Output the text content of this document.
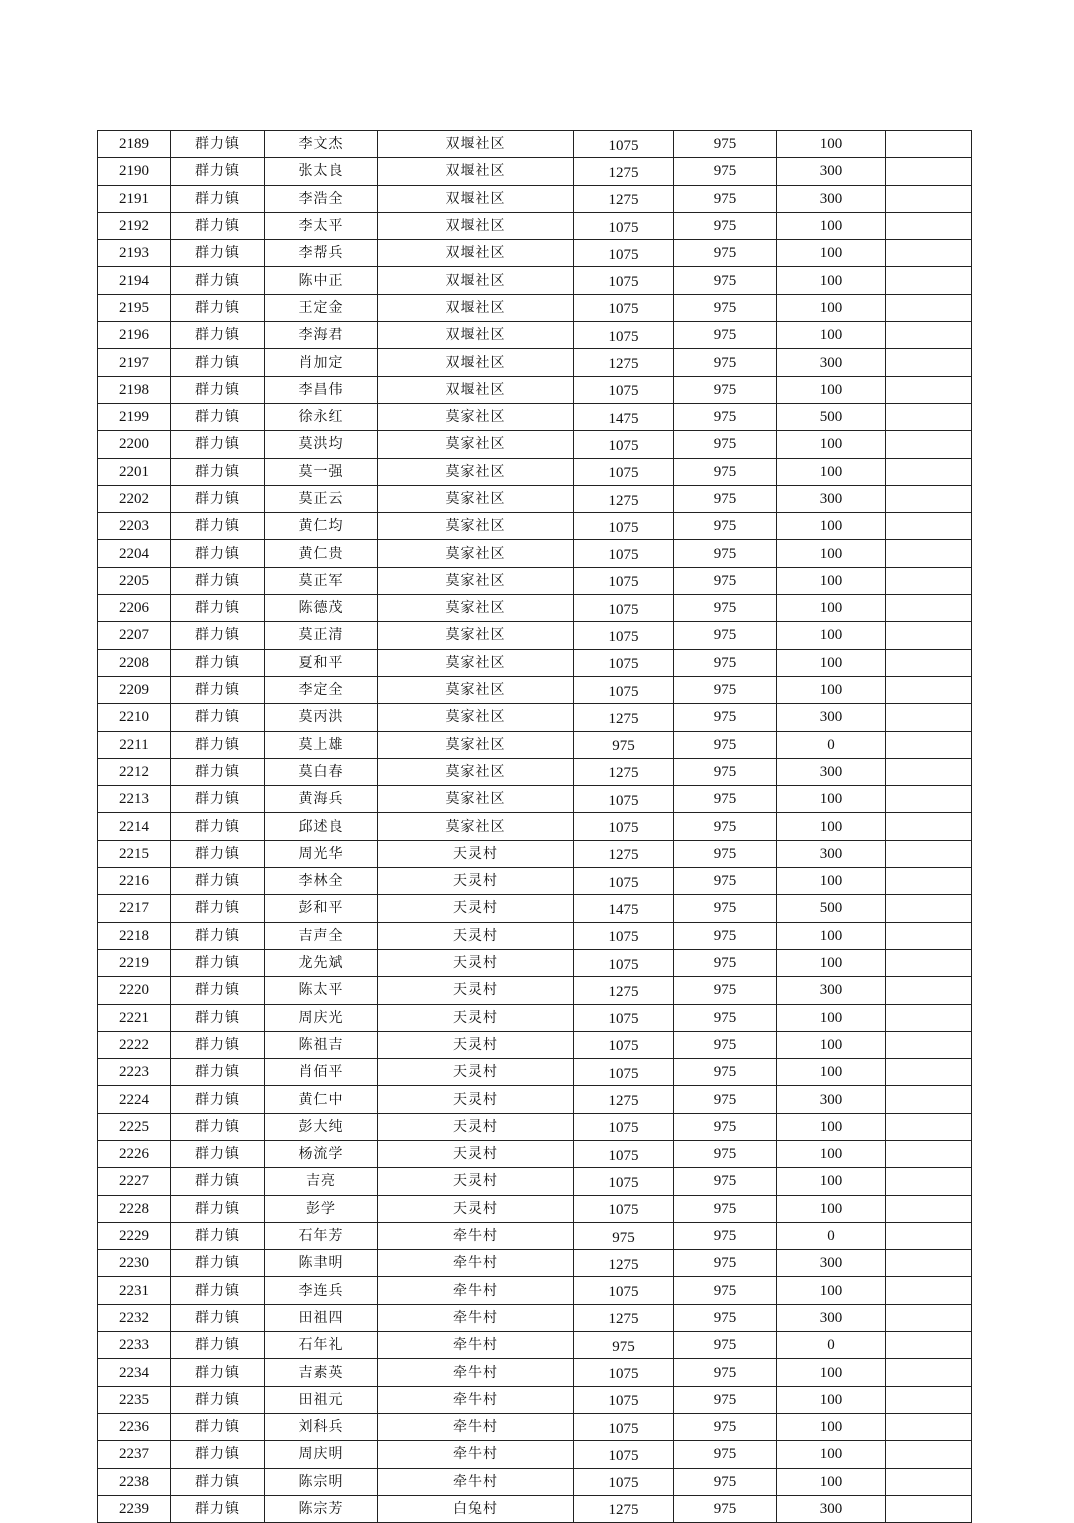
2189	群力镇	李文杰	双堰社区	1075	975	100	
2190	群力镇	张太良	双堰社区	1275	975	300	
2191	群力镇	李浩全	双堰社区	1275	975	300	
2192	群力镇	李太平	双堰社区	1075	975	100	
2193	群力镇	李帮兵	双堰社区	1075	975	100	
2194	群力镇	陈中正	双堰社区	1075	975	100	
2195	群力镇	王定金	双堰社区	1075	975	100	
2196	群力镇	李海君	双堰社区	1075	975	100	
2197	群力镇	肖加定	双堰社区	1275	975	300	
2198	群力镇	李昌伟	双堰社区	1075	975	100	
2199	群力镇	徐永红	莫家社区	1475	975	500	
2200	群力镇	莫洪均	莫家社区	1075	975	100	
2201	群力镇	莫一强	莫家社区	1075	975	100	
2202	群力镇	莫正云	莫家社区	1275	975	300	
2203	群力镇	黄仁均	莫家社区	1075	975	100	
2204	群力镇	黄仁贵	莫家社区	1075	975	100	
2205	群力镇	莫正军	莫家社区	1075	975	100	
2206	群力镇	陈德茂	莫家社区	1075	975	100	
2207	群力镇	莫正清	莫家社区	1075	975	100	
2208	群力镇	夏和平	莫家社区	1075	975	100	
2209	群力镇	李定全	莫家社区	1075	975	100	
2210	群力镇	莫丙洪	莫家社区	1275	975	300	
2211	群力镇	莫上雄	莫家社区	975	975	0	
2212	群力镇	莫白春	莫家社区	1275	975	300	
2213	群力镇	黄海兵	莫家社区	1075	975	100	
2214	群力镇	邱述良	莫家社区	1075	975	100	
2215	群力镇	周光华	天灵村	1275	975	300	
2216	群力镇	李林全	天灵村	1075	975	100	
2217	群力镇	彭和平	天灵村	1475	975	500	
2218	群力镇	吉声全	天灵村	1075	975	100	
2219	群力镇	龙先斌	天灵村	1075	975	100	
2220	群力镇	陈太平	天灵村	1275	975	300	
2221	群力镇	周庆光	天灵村	1075	975	100	
2222	群力镇	陈祖吉	天灵村	1075	975	100	
2223	群力镇	肖佰平	天灵村	1075	975	100	
2224	群力镇	黄仁中	天灵村	1275	975	300	
2225	群力镇	彭大纯	天灵村	1075	975	100	
2226	群力镇	杨流学	天灵村	1075	975	100	
2227	群力镇	吉亮	天灵村	1075	975	100	
2228	群力镇	彭学	天灵村	1075	975	100	
2229	群力镇	石年芳	牵牛村	975	975	0	
2230	群力镇	陈聿明	牵牛村	1275	975	300	
2231	群力镇	李连兵	牵牛村	1075	975	100	
2232	群力镇	田祖四	牵牛村	1275	975	300	
2233	群力镇	石年礼	牵牛村	975	975	0	
2234	群力镇	吉素英	牵牛村	1075	975	100	
2235	群力镇	田祖元	牵牛村	1075	975	100	
2236	群力镇	刘科兵	牵牛村	1075	975	100	
2237	群力镇	周庆明	牵牛村	1075	975	100	
2238	群力镇	陈宗明	牵牛村	1075	975	100	
2239	群力镇	陈宗芳	白兔村	1275	975	300	
